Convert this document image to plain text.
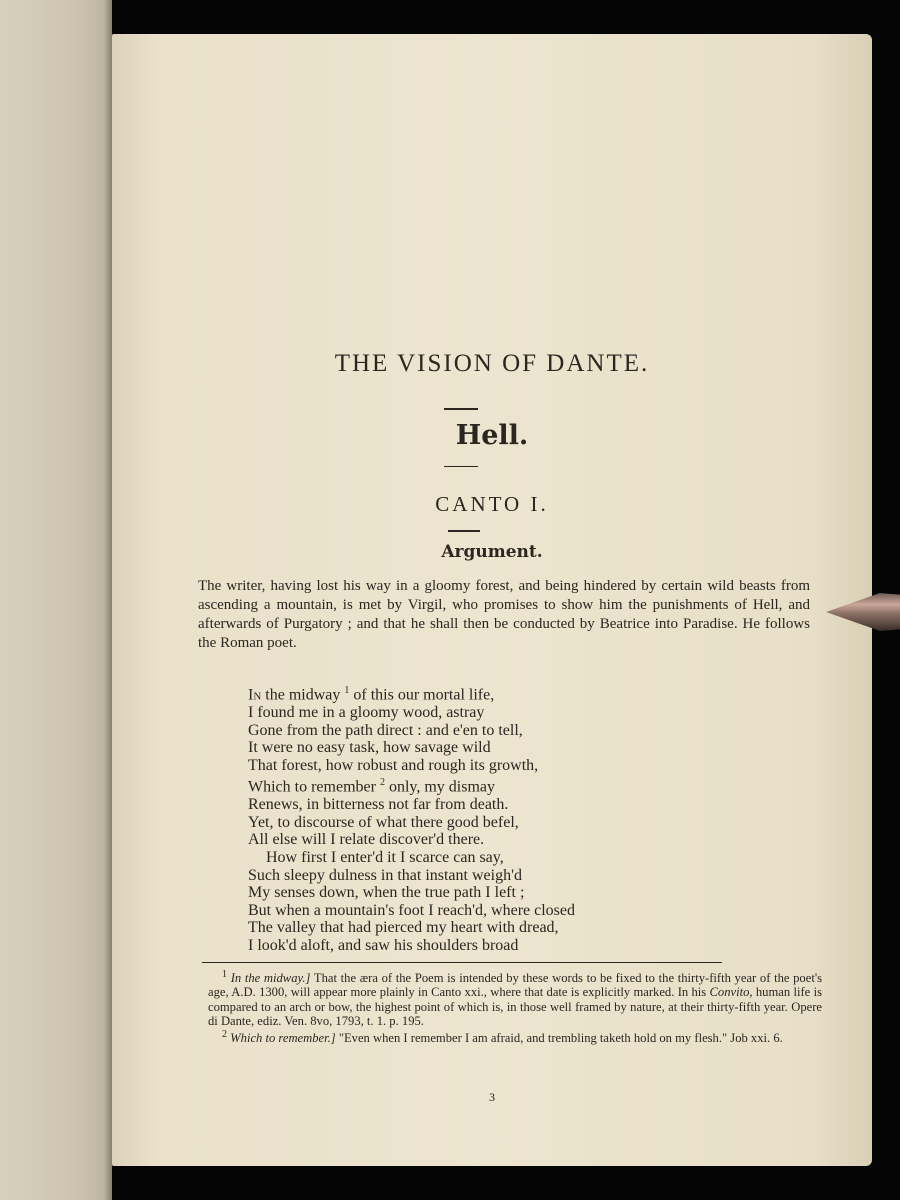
THE VISION OF DANTE.
Hell.
CANTO I.
Argument.
The writer, having lost his way in a gloomy forest, and being hindered by certain wild beasts from ascending a mountain, is met by Virgil, who promises to show him the punishments of Hell, and afterwards of Purgatory ; and that he shall then be conducted by Beatrice into Paradise. He follows the Roman poet.
In the midway $^1$ of this our mortal life,
I found me in a gloomy wood, astray
Gone from the path direct : and e'en to tell,
It were no easy task, how savage wild
That forest, how robust and rough its growth,
Which to remember $^2$ only, my dismay
Renews, in bitterness not far from death.
Yet, to discourse of what there good befel,
All else will I relate discover'd there.
How first I enter'd it I scarce can say,
Such sleepy dulness in that instant weigh'd
My senses down, when the true path I left ;
But when a mountain's foot I reach'd, where closed
The valley that had pierced my heart with dread,
I look'd aloft, and saw his shoulders broad
$^1$ In the midway.] That the æra of the Poem is intended by these words to be fixed to the thirty-fifth year of the poet's age, A.D. 1300, will appear more plainly in Canto xxi., where that date is explicitly marked. In his Convito, human life is compared to an arch or bow, the highest point of which is, in those well framed by nature, at their thirty-fifth year. Opere di Dante, ediz. Ven. 8vo, 1793, t. 1. p. 195.
$^2$ Which to remember.] "Even when I remember I am afraid, and trembling taketh hold on my flesh." Job xxi. 6.
3
